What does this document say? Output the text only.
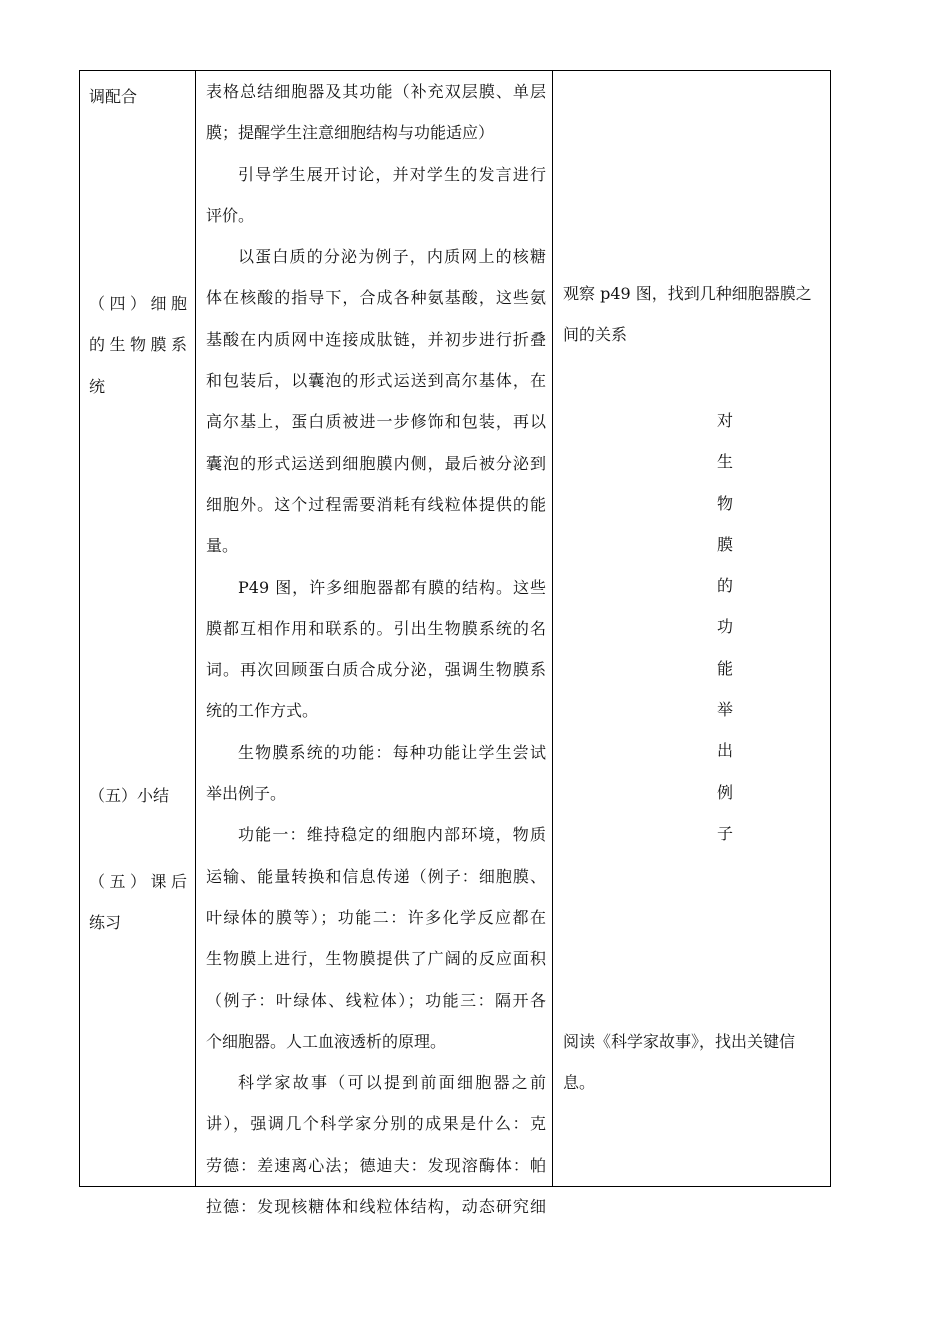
调配合

（四）细胞

的生物膜系

统

（五）小结

（五）课后

练习

表格总结细胞器及其功能（补充双层膜、单层

膜；提醒学生注意细胞结构与功能适应）

引导学生展开讨论，并对学生的发言进行

评价。

以蛋白质的分泌为例子，内质网上的核糖

体在核酸的指导下，合成各种氨基酸，这些氨

基酸在内质网中连接成肽链，并初步进行折叠

和包装后，以囊泡的形式运送到高尔基体，在

高尔基上，蛋白质被进一步修饰和包装，再以

囊泡的形式运送到细胞膜内侧，最后被分泌到

细胞外。这个过程需要消耗有线粒体提供的能

量。

P49 图，许多细胞器都有膜的结构。这些

膜都互相作用和联系的。引出生物膜系统的名

词。再次回顾蛋白质合成分泌，强调生物膜系

统的工作方式。

生物膜系统的功能：每种功能让学生尝试

举出例子。

功能一：维持稳定的细胞内部环境，物质

运输、能量转换和信息传递（例子：细胞膜、

叶绿体的膜等）；功能二：许多化学反应都在

生物膜上进行，生物膜提供了广阔的反应面积

（例子：叶绿体、线粒体）；功能三：隔开各

个细胞器。人工血液透析的原理。

科学家故事（可以提到前面细胞器之前

讲），强调几个科学家分别的成果是什么：克

劳德：差速离心法；德迪夫：发现溶酶体：帕

拉德：发现核糖体和线粒体结构，动态研究细

观察 p49 图，找到几种细胞器膜之

间的关系

阅读《科学家故事》，找出关键信

息。

对
生
物
膜
的
功
能
举
出
例
子
